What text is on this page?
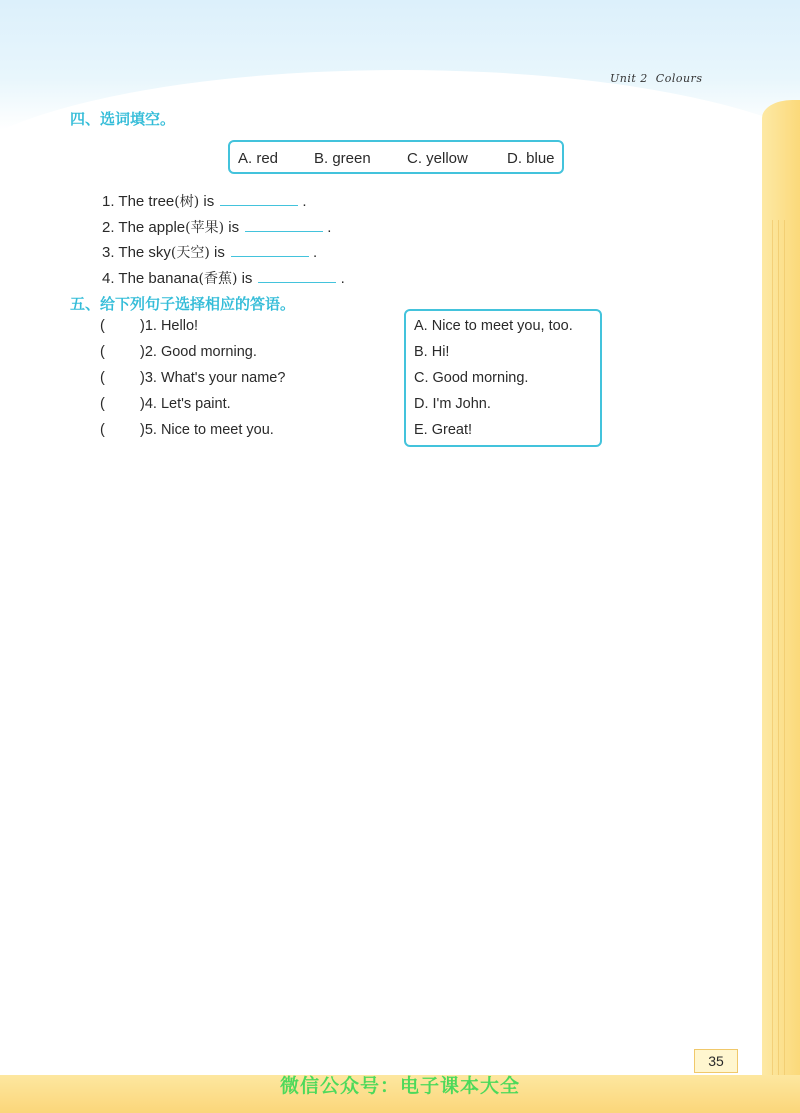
Unit 2 Colours
四、选词填空。
A. red B. green C. yellow	D. blue
1. The tree(树) is	.
2. The apple(苹果) is	.
3. The sky(天空) is	.
4. The banana(香蕉) is	.
五、给下列句子选择相应的答语。
( )1. Hello!
( )2. Good morning.
( )3. What's your name?
( )4. Let's paint.
( )5. Nice to meet you.
A. Nice to meet you, too.
B. Hi!
C. Good morning.
D. I'm John.
E. Great!
35
微信公众号：电子课本大全
